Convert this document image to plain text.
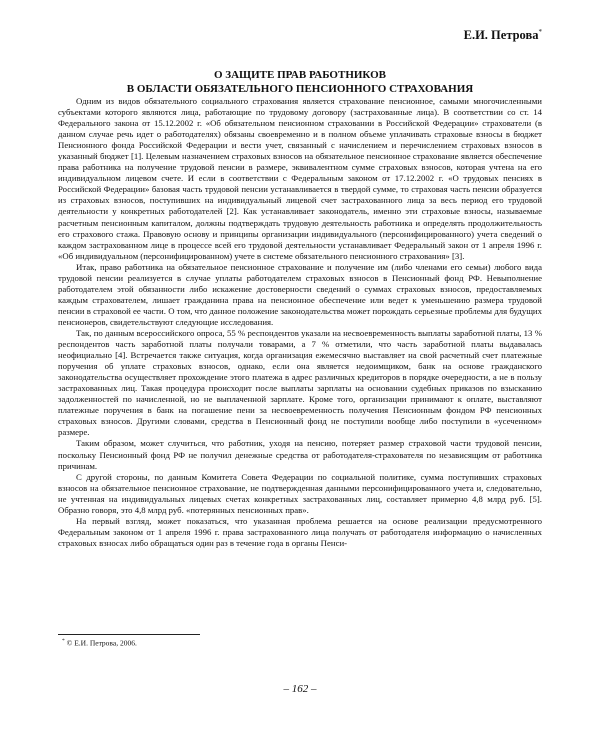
Е.И. Петрова*
О ЗАЩИТЕ ПРАВ РАБОТНИКОВ
В ОБЛАСТИ ОБЯЗАТЕЛЬНОГО ПЕНСИОННОГО СТРАХОВАНИЯ

Одним из видов обязательного социального страхования является страхование пенсионное, самыми многочисленными субъектами которого являются лица, работающие по трудовому договору (застрахованные лица). В соответствии со ст. 14 Федерального закона от 15.12.2002 г. «Об обязательном пенсионном страховании в Российской Федерации» страхователи (в данном случае речь идет о работодателях) обязаны своевременно и в полном объеме уплачивать страховые взносы в бюджет Пенсионного фонда Российской Федерации и вести учет, связанный с начислением и перечислением страховых взносов в указанный бюджет [1]. Целевым назначением страховых взносов на обязательное пенсионное страхование является обеспечение права работника на получение трудовой пенсии в размере, эквивалентном сумме страховых взносов, которая учтена на его индивидуальном лицевом счете. И если в соответствии с Федеральным законом от 17.12.2002 г. «О трудовых пенсиях в Российской Федерации» базовая часть трудовой пенсии устанавливается в твердой сумме, то страховая часть пенсии образуется из страховых взносов, поступивших на индивидуальный лицевой счет застрахованного лица за весь период его трудовой деятельности у конкретных работодателей [2]. Как устанавливает законодатель, именно эти страховые взносы, называемые расчетным пенсионным капиталом, должны подтверждать трудовую деятельность работника и определять продолжительность его страхового стажа. Правовую основу и принципы организации индивидуального (персонифицированного) учета сведений о каждом застрахованном лице в процессе всей его трудовой деятельности устанавливает Федеральный закон от 1 апреля 1996 г. «Об индивидуальном (персонифицированном) учете в системе обязательного пенсионного страхования» [3].

Итак, право работника на обязательное пенсионное страхование и получение им (либо членами его семьи) любого вида трудовой пенсии реализуется в случае уплаты работодателем страховых взносов в Пенсионный фонд РФ. Невыполнение работодателем этой обязанности либо искажение достоверности сведений о суммах страховых взносов, предоставляемых каждым страхователем, лишает гражданина права на пенсионное обеспечение или ведет к уменьшению размера трудовой пенсии в страховой ее части. О том, что данное положение законодательства может порождать серьезные проблемы для будущих пенсионеров, свидетельствуют следующие исследования.

Так, по данным всероссийского опроса, 55 % респондентов указали на несвоевременность выплаты заработной платы, 13 % респондентов часть заработной платы получали товарами, а 7 % отметили, что часть заработной платы выдавалась неофициально [4]. Встречается также ситуация, когда организация ежемесячно выставляет на свой расчетный счет платежные поручения об уплате страховых взносов, однако, если она является недоимщиком, банк на основе гражданского законодательства осуществляет прохождение этого платежа в адрес различных кредиторов в порядке очередности, а не в пользу застрахованных лиц. Такая процедура происходит после выплаты зарплаты на основании судебных приказов по взысканию задолженностей по начисленной, но не выплаченной зарплате. Кроме того, организации принимают к оплате, выставляют платежные поручения в банк на погашение пени за несвоевременность получения Пенсионным фондом РФ пенсионных страховых взносов. Другими словами, средства в Пенсионный фонд не поступили вообще либо поступили в «усеченном» размере.

Таким образом, может случиться, что работник, уходя на пенсию, потеряет размер страховой части трудовой пенсии, поскольку Пенсионный фонд РФ не получил денежные средства от работодателя-страхователя по независящим от работника причинам.

С другой стороны, по данным Комитета Совета Федерации по социальной политике, сумма поступивших страховых взносов на обязательное пенсионное страхование, не подтвержденная данными персонифицированного учета и, следовательно, не учтенная на индивидуальных лицевых счетах конкретных застрахованных лиц, составляет примерно 4,8 млрд руб. [5]. Образно говоря, это 4,8 млрд руб. «потерянных пенсионных прав».

На первый взгляд, может показаться, что указанная проблема решается на основе реализации предусмотренного Федеральным законом от 1 апреля 1996 г. права застрахованного лица получать от работодателя информацию о начисленных страховых взносах либо обращаться один раз в течение года в органы Пенси-

* © Е.И. Петрова, 2006.
– 162 –
